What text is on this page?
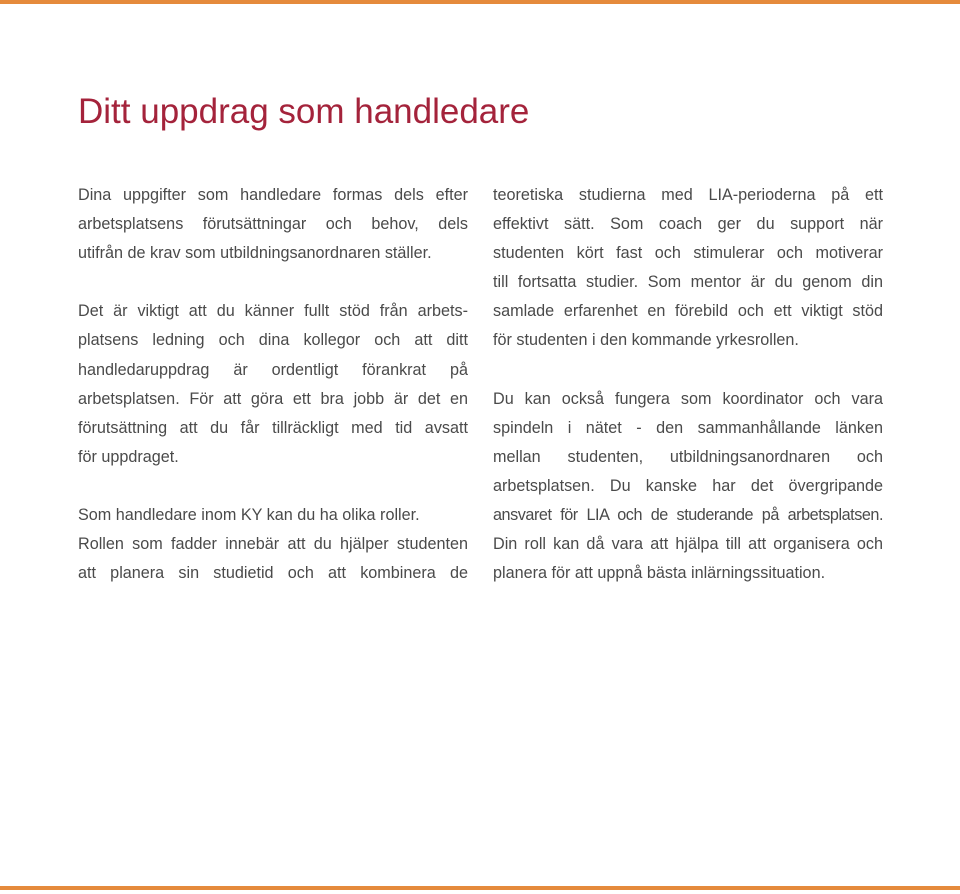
Ditt uppdrag som handledare
Dina uppgifter som handledare formas dels efter
arbetsplatsens förutsättningar och behov, dels
utifrån de krav som utbildningsanordnaren ställer.
Det är viktigt att du känner fullt stöd från arbets-
platsens ledning och dina kollegor och att ditt
handledaruppdrag är ordentligt förankrat på
arbetsplatsen. För att göra ett bra jobb är det en
förutsättning att du får tillräckligt med tid avsatt
för uppdraget.
Som handledare inom KY kan du ha olika roller.
Rollen som fadder innebär att du hjälper studenten
att planera sin studietid och att kombinera de
teoretiska studierna med LIA-perioderna på ett
effektivt sätt. Som coach ger du support när
studenten kört fast och stimulerar och motiverar
till fortsatta studier. Som mentor är du genom din
samlade erfarenhet en förebild och ett viktigt stöd
för studenten i den kommande yrkesrollen.
Du kan också fungera som koordinator och vara
spindeln i nätet - den sammanhållande länken
mellan studenten, utbildningsanordnaren och
arbetsplatsen. Du kanske har det övergripande
ansvaret för LIA och de studerande på arbetsplatsen.
Din roll kan då vara att hjälpa till att organisera och
planera för att uppnå bästa inlärningssituation.
